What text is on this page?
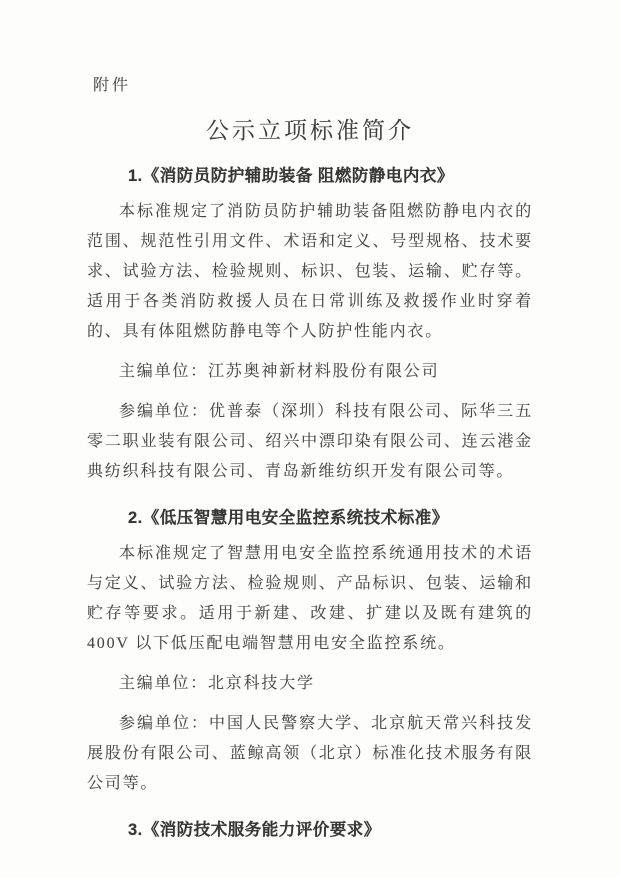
附件
公示立项标准简介
1.《消防员防护辅助装备 阻燃防静电内衣》

本标准规定了消防员防护辅助装备阻燃防静电内衣的范围、规范性引用文件、术语和定义、号型规格、技术要求、试验方法、检验规则、标识、包装、运输、贮存等。适用于各类消防救援人员在日常训练及救援作业时穿着的、具有体阻燃防静电等个人防护性能内衣。

主编单位：江苏奥神新材料股份有限公司

参编单位：优普泰（深圳）科技有限公司、际华三五零二职业装有限公司、绍兴中漂印染有限公司、连云港金典纺织科技有限公司、青岛新维纺织开发有限公司等。

2.《低压智慧用电安全监控系统技术标准》

本标准规定了智慧用电安全监控系统通用技术的术语与定义、试验方法、检验规则、产品标识、包装、运输和贮存等要求。适用于新建、改建、扩建以及既有建筑的 400V 以下低压配电端智慧用电安全监控系统。

主编单位：北京科技大学

参编单位：中国人民警察大学、北京航天常兴科技发展股份有限公司、蓝鲸高领（北京）标准化技术服务有限公司等。

3.《消防技术服务能力评价要求》
